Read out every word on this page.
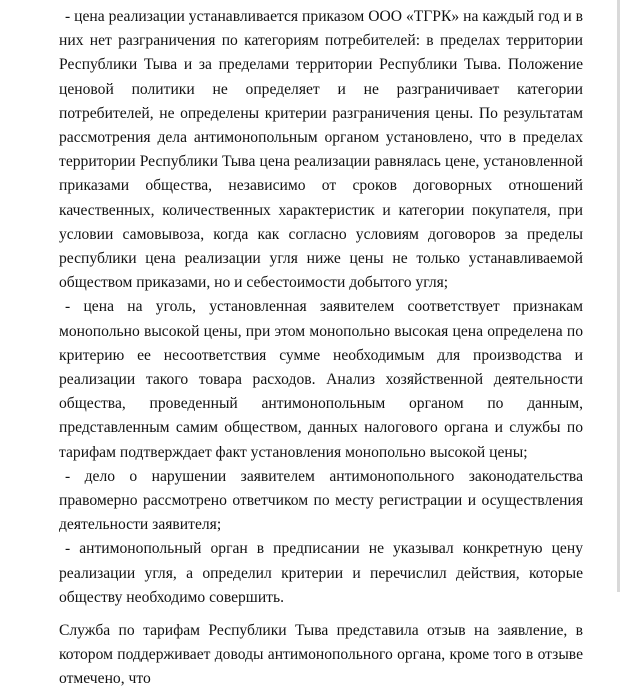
- цена реализации устанавливается приказом ООО «ТГРК» на каждый год и в них нет разграничения по категориям потребителей: в пределах территории Республики Тыва и за пределами территории Республики Тыва. Положение ценовой политики не определяет и не разграничивает категории потребителей, не определены критерии разграничения цены. По результатам рассмотрения дела антимонопольным органом установлено, что в пределах территории Республики Тыва цена реализации равнялась цене, установленной приказами общества, независимо от сроков договорных отношений качественных, количественных характеристик и категории покупателя, при условии самовывоза, когда как согласно условиям договоров за пределы республики цена реализации угля ниже цены не только устанавливаемой обществом приказами, но и себестоимости добытого угля;

- цена на уголь, установленная заявителем соответствует признакам монопольно высокой цены, при этом монопольно высокая цена определена по критерию ее несоответствия сумме необходимым для производства и реализации такого товара расходов. Анализ хозяйственной деятельности общества, проведенный антимонопольным органом по данным, представленным самим обществом, данных налогового органа и службы по тарифам подтверждает факт установления монопольно высокой цены;

- дело о нарушении заявителем антимонопольного законодательства правомерно рассмотрено ответчиком по месту регистрации и осуществления деятельности заявителя;

- антимонопольный орган в предписании не указывал конкретную цену реализации угля, а определил критерии и перечислил действия, которые обществу необходимо совершить.

Служба по тарифам Республики Тыва представила отзыв на заявление, в котором поддерживает доводы антимонопольного органа, кроме того в отзыве отмечено, что
